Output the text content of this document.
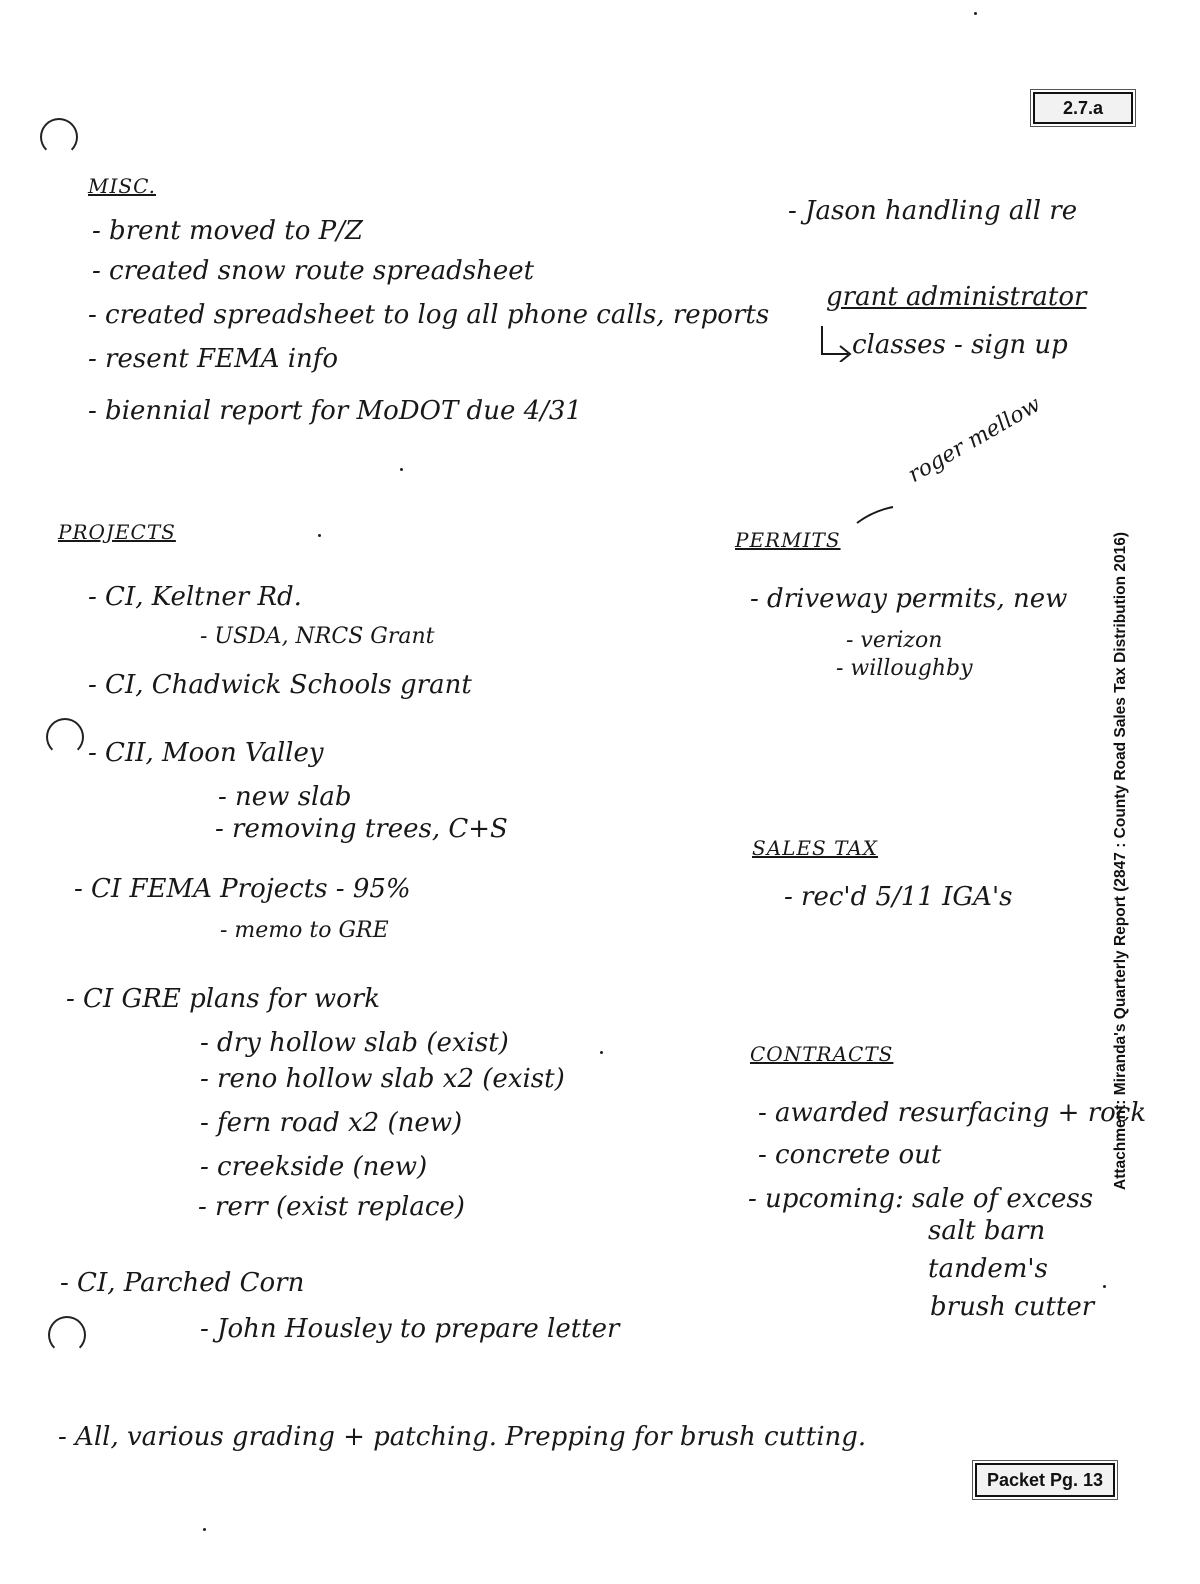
2.7.a
Packet Pg. 13
Attachment: Miranda's Quarterly Report (2847 : County Road Sales Tax Distribution 2016)
MISC.
- brent moved to P/Z
- created snow route spreadsheet
- created spreadsheet to log all phone calls, reports
- resent FEMA info
- biennial report for MoDOT due 4/31
- Jason handling all re
grant administrator
classes - sign up
roger mellow
PROJECTS
- CI, Keltner Rd.
- USDA, NRCS Grant
- CI, Chadwick Schools grant
- CII, Moon Valley
- new slab
- removing trees, C+S
- CI FEMA Projects - 95%
- memo to GRE
- CI GRE plans for work
- dry hollow slab (exist)
- reno hollow slab x2 (exist)
- fern road x2 (new)
- creekside (new)
- rerr (exist replace)
- CI, Parched Corn
- John Housley to prepare letter
PERMITS
- driveway permits, new
- verizon
- willoughby
SALES TAX
- rec'd 5/11 IGA's
CONTRACTS
- awarded resurfacing + rock
- concrete out
- upcoming: sale of excess
salt barn
tandem's
brush cutter
- All, various grading + patching. Prepping for brush cutting.
